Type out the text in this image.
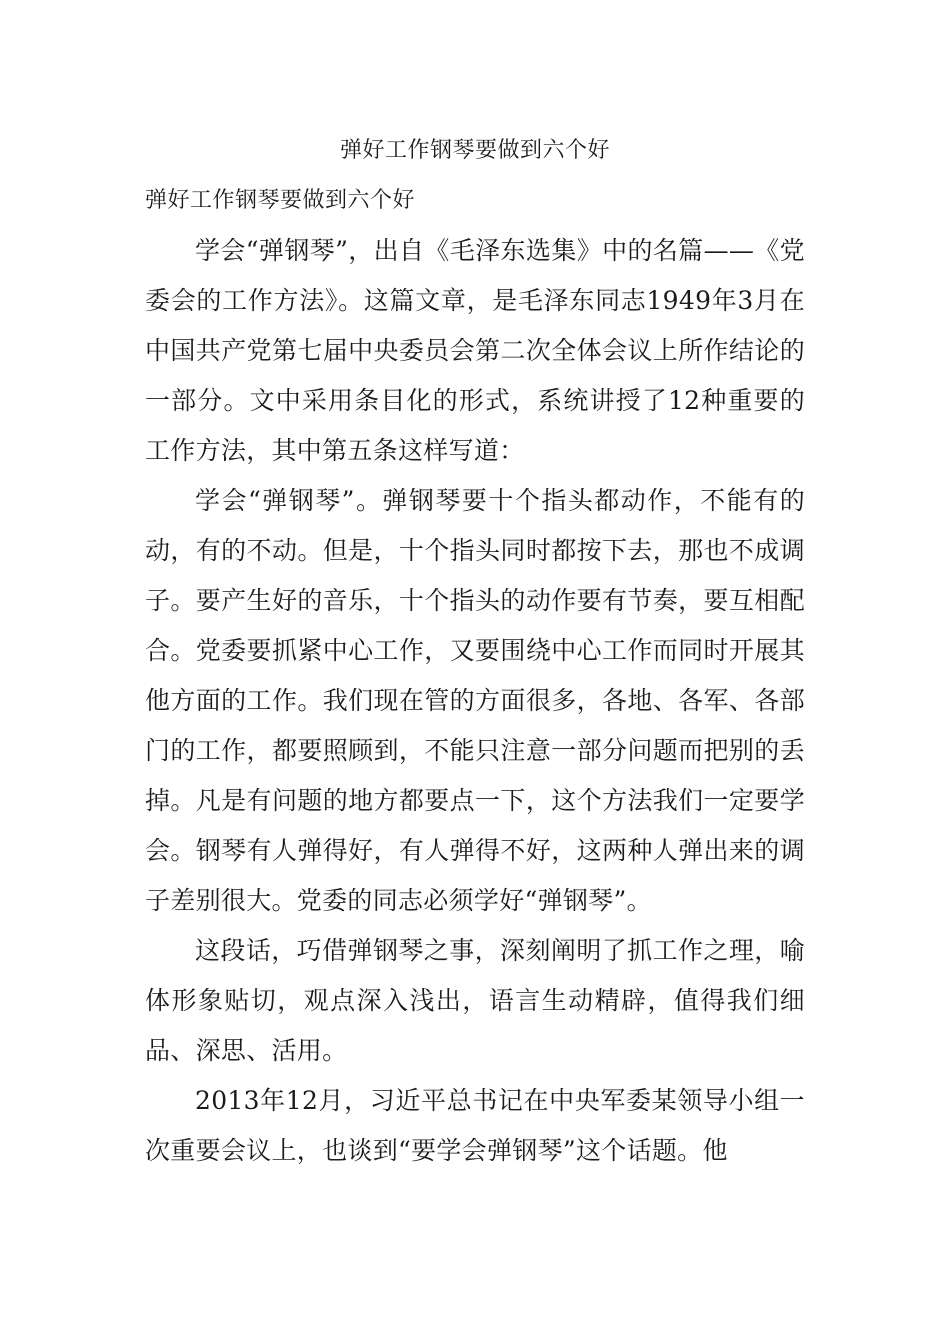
弹好工作钢琴要做到六个好
弹好工作钢琴要做到六个好

学会“弹钢琴”，出自《毛泽东选集》中的名篇——《党委会的工作方法》。这篇文章，是毛泽东同志1949年3月在中国共产党第七届中央委员会第二次全体会议上所作结论的一部分。文中采用条目化的形式，系统讲授了12种重要的工作方法，其中第五条这样写道：

学会“弹钢琴”。弹钢琴要十个指头都动作，不能有的动，有的不动。但是，十个指头同时都按下去，那也不成调子。要产生好的音乐，十个指头的动作要有节奏，要互相配合。党委要抓紧中心工作，又要围绕中心工作而同时开展其他方面的工作。我们现在管的方面很多，各地、各军、各部门的工作，都要照顾到，不能只注意一部分问题而把别的丢掉。凡是有问题的地方都要点一下，这个方法我们一定要学会。钢琴有人弹得好，有人弹得不好，这两种人弹出来的调子差别很大。党委的同志必须学好“弹钢琴”。

这段话，巧借弹钢琴之事，深刻阐明了抓工作之理，喻体形象贴切，观点深入浅出，语言生动精辟，值得我们细品、深思、活用。

2013年12月，习近平总书记在中央军委某领导小组一次重要会议上，也谈到“要学会弹钢琴”这个话题。他
